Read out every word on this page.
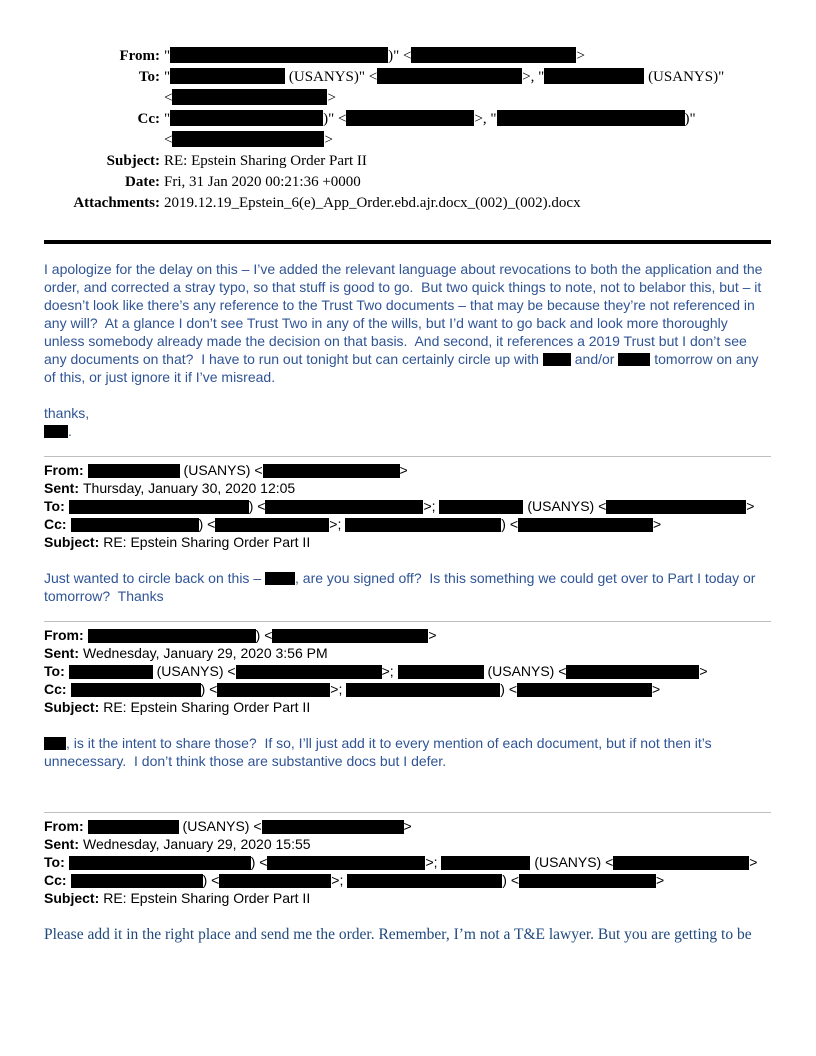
From: "	)" <	>
To: "	(USANYS)" <	>, "	(USANYS)"
<	>
Cc: "	)" <	>, "	)"
<	>
Subject: RE: Epstein Sharing Order Part II
Date: Fri, 31 Jan 2020 00:21:36 +0000
Attachments: 2019.12.19_Epstein_6(e)_App_Order.ebd.ajr.docx_(002)_(002).docx

I apologize for the delay on this – I’ve added the relevant language about revocations to both the application and the order, and corrected a stray typo, so that stuff is good to go.  But two quick things to note, not to belabor this, but – it doesn’t look like there’s any reference to the Trust Two documents – that may be because they’re not referenced in any will?  At a glance I don’t see Trust Two in any of the wills, but I’d want to go back and look more thoroughly unless somebody already made the decision on that basis.  And second, it references a 2019 Trust but I don’t see any documents on that?  I have to run out tonight but can certainly circle up with  and/or  tomorrow on any of this, or just ignore it if I’ve misread.

thanks,
.

From:	(USANYS) <	>
Sent: Thursday, January 30, 2020 12:05
To:	) <	>;	(USANYS) <	>
Cc:	) <	>;	) <	>
Subject: RE: Epstein Sharing Order Part II

Just wanted to circle back on this – , are you signed off?  Is this something we could get over to Part I today or tomorrow?  Thanks

From:	) <	>
Sent: Wednesday, January 29, 2020 3:56 PM
To:	(USANYS) <	>;	(USANYS) <	>
Cc:	) <	>;	) <	>
Subject: RE: Epstein Sharing Order Part II

, is it the intent to share those?  If so, I’ll just add it to every mention of each document, but if not then it’s unnecessary.  I don’t think those are substantive docs but I defer.

From:	(USANYS) <	>
Sent: Wednesday, January 29, 2020 15:55
To:	) <	>;	(USANYS) <	>
Cc:	) <	>;	) <	>
Subject: RE: Epstein Sharing Order Part II

Please add it in the right place and send me the order. Remember, I’m not a T&E lawyer. But you are getting to be
